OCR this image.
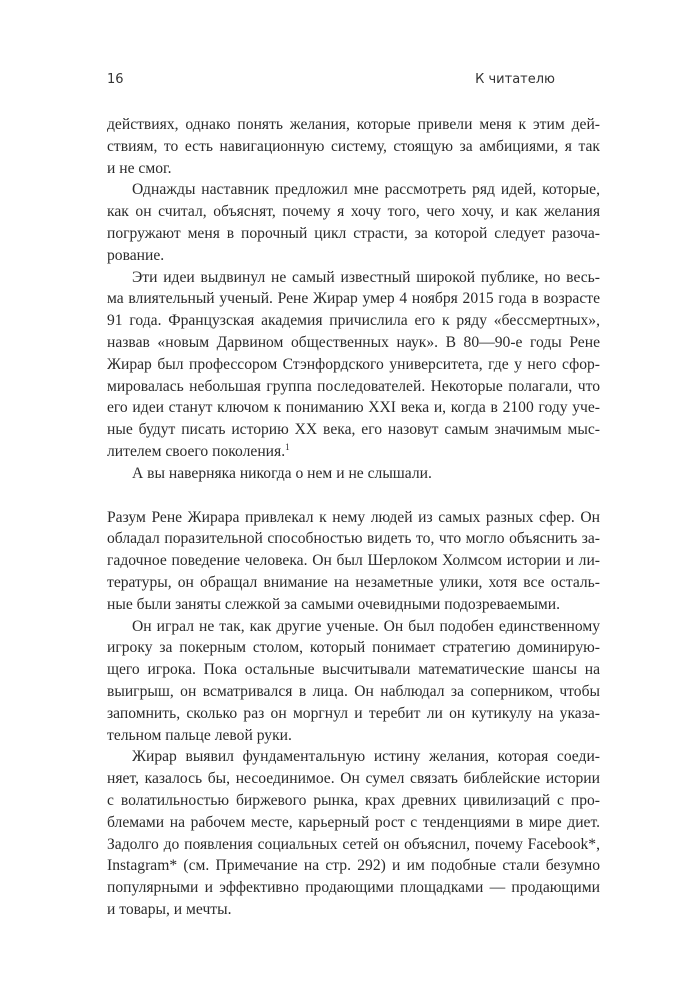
16	К читателю
действиях, однако понять желания, которые привели меня к этим дей-
ствиям, то есть навигационную систему, стоящую за амбициями, я так
и не смог.
Однажды наставник предложил мне рассмотреть ряд идей, которые,
как он считал, объяснят, почему я хочу того, чего хочу, и как желания
погружают меня в порочный цикл страсти, за которой следует разоча-
рование.
Эти идеи выдвинул не самый известный широкой публике, но весь-
ма влиятельный ученый. Рене Жирар умер 4 ноября 2015 года в возрасте
91 года. Французская академия причислила его к ряду «бессмертных»,
назвав «новым Дарвином общественных наук». В 80—90-е годы Рене
Жирар был профессором Стэнфордского университета, где у него сфор-
мировалась небольшая группа последователей. Некоторые полагали, что
его идеи станут ключом к пониманию XXI века и, когда в 2100 году уче-
ные будут писать историю XX века, его назовут самым значимым мыс-
лителем своего поколения.$^1$
А вы наверняка никогда о нем и не слышали.
Разум Рене Жирара привлекал к нему людей из самых разных сфер. Он
обладал поразительной способностью видеть то, что могло объяснить за-
гадочное поведение человека. Он был Шерлоком Холмсом истории и ли-
тературы, он обращал внимание на незаметные улики, хотя все осталь-
ные были заняты слежкой за самыми очевидными подозреваемыми.
Он играл не так, как другие ученые. Он был подобен единственному
игроку за покерным столом, который понимает стратегию доминирую-
щего игрока. Пока остальные высчитывали математические шансы на
выигрыш, он всматривался в лица. Он наблюдал за соперником, чтобы
запомнить, сколько раз он моргнул и теребит ли он кутикулу на указа-
тельном пальце левой руки.
Жирар выявил фундаментальную истину желания, которая соеди-
няет, казалось бы, несоединимое. Он сумел связать библейские истории
с волатильностью биржевого рынка, крах древних цивилизаций с про-
блемами на рабочем месте, карьерный рост с тенденциями в мире диет.
Задолго до появления социальных сетей он объяснил, почему Facebook*,
Instagram* (см. Примечание на стр. 292) и им подобные стали безумно
популярными и эффективно продающими площадками — продающими
и товары, и мечты.
